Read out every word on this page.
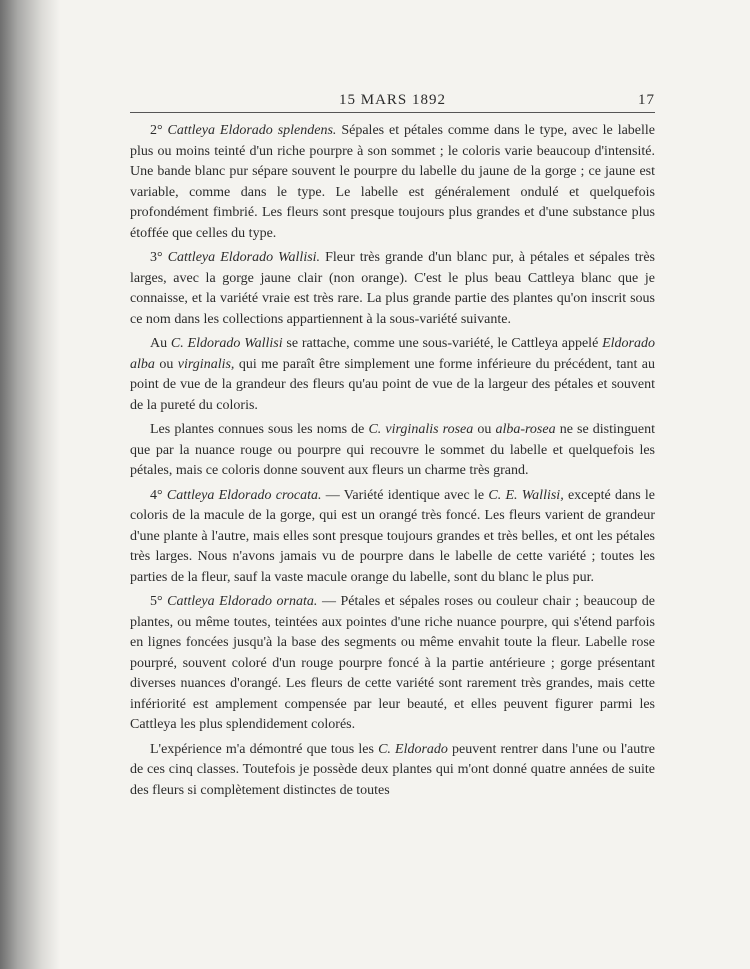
15 MARS 1892	17

2° Cattleya Eldorado splendens. Sépales et pétales comme dans le type, avec le labelle plus ou moins teinté d'un riche pourpre à son sommet ; le coloris varie beaucoup d'intensité. Une bande blanc pur sépare souvent le pourpre du labelle du jaune de la gorge ; ce jaune est variable, comme dans le type. Le labelle est généralement ondulé et quelquefois profondément fimbrié. Les fleurs sont presque toujours plus grandes et d'une substance plus étoffée que celles du type.

3° Cattleya Eldorado Wallisi. Fleur très grande d'un blanc pur, à pétales et sépales très larges, avec la gorge jaune clair (non orange). C'est le plus beau Cattleya blanc que je connaisse, et la variété vraie est très rare. La plus grande partie des plantes qu'on inscrit sous ce nom dans les collections appartiennent à la sous-variété suivante.

Au C. Eldorado Wallisi se rattache, comme une sous-variété, le Cattleya appelé Eldorado alba ou virginalis, qui me paraît être simplement une forme inférieure du précédent, tant au point de vue de la grandeur des fleurs qu'au point de vue de la largeur des pétales et souvent de la pureté du coloris.

Les plantes connues sous les noms de C. virginalis rosea ou alba-rosea ne se distinguent que par la nuance rouge ou pourpre qui recouvre le sommet du labelle et quelquefois les pétales, mais ce coloris donne souvent aux fleurs un charme très grand.

4° Cattleya Eldorado crocata. — Variété identique avec le C. E. Wallisi, excepté dans le coloris de la macule de la gorge, qui est un orangé très foncé. Les fleurs varient de grandeur d'une plante à l'autre, mais elles sont presque toujours grandes et très belles, et ont les pétales très larges. Nous n'avons jamais vu de pourpre dans le labelle de cette variété ; toutes les parties de la fleur, sauf la vaste macule orange du labelle, sont du blanc le plus pur.

5° Cattleya Eldorado ornata. — Pétales et sépales roses ou couleur chair ; beaucoup de plantes, ou même toutes, teintées aux pointes d'une riche nuance pourpre, qui s'étend parfois en lignes foncées jusqu'à la base des segments ou même envahit toute la fleur. Labelle rose pourpré, souvent coloré d'un rouge pourpre foncé à la partie antérieure ; gorge présentant diverses nuances d'orangé. Les fleurs de cette variété sont rarement très grandes, mais cette infériorité est amplement compensée par leur beauté, et elles peuvent figurer parmi les Cattleya les plus splendidement colorés.

L'expérience m'a démontré que tous les C. Eldorado peuvent rentrer dans l'une ou l'autre de ces cinq classes. Toutefois je possède deux plantes qui m'ont donné quatre années de suite des fleurs si complètement distinctes de toutes
